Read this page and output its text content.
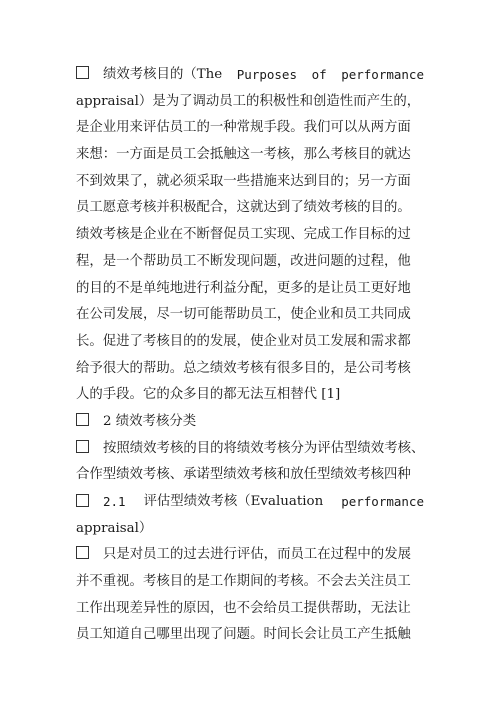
绩效考核目的（The Purposes of performance
appraisal）是为了调动员工的积极性和创造性而产生的，
是企业用来评估员工的一种常规手段。我们可以从两方面
来想：一方面是员工会抵触这一考核，那么考核目的就达
不到效果了，就必须采取一些措施来达到目的；另一方面
员工愿意考核并积极配合，这就达到了绩效考核的目的。
绩效考核是企业在不断督促员工实现、完成工作目标的过
程，是一个帮助员工不断发现问题，改进问题的过程，他
的目的不是单纯地进行利益分配，更多的是让员工更好地
在公司发展，尽一切可能帮助员工，使企业和员工共同成
长。促进了考核目的的发展，使企业对员工发展和需求都
给予很大的帮助。总之绩效考核有很多目的，是公司考核
人的手段。它的众多目的都无法互相替代 [1]
2 绩效考核分类
按照绩效考核的目的将绩效考核分为评估型绩效考核、
合作型绩效考核、承诺型绩效考核和放任型绩效考核四种
2.1 评估型绩效考核（Evaluation performance
appraisal）
只是对员工的过去进行评估，而员工在过程中的发展
并不重视。考核目的是工作期间的考核。不会去关注员工
工作出现差异性的原因，也不会给员工提供帮助，无法让
员工知道自己哪里出现了问题。时间长会让员工产生抵触
